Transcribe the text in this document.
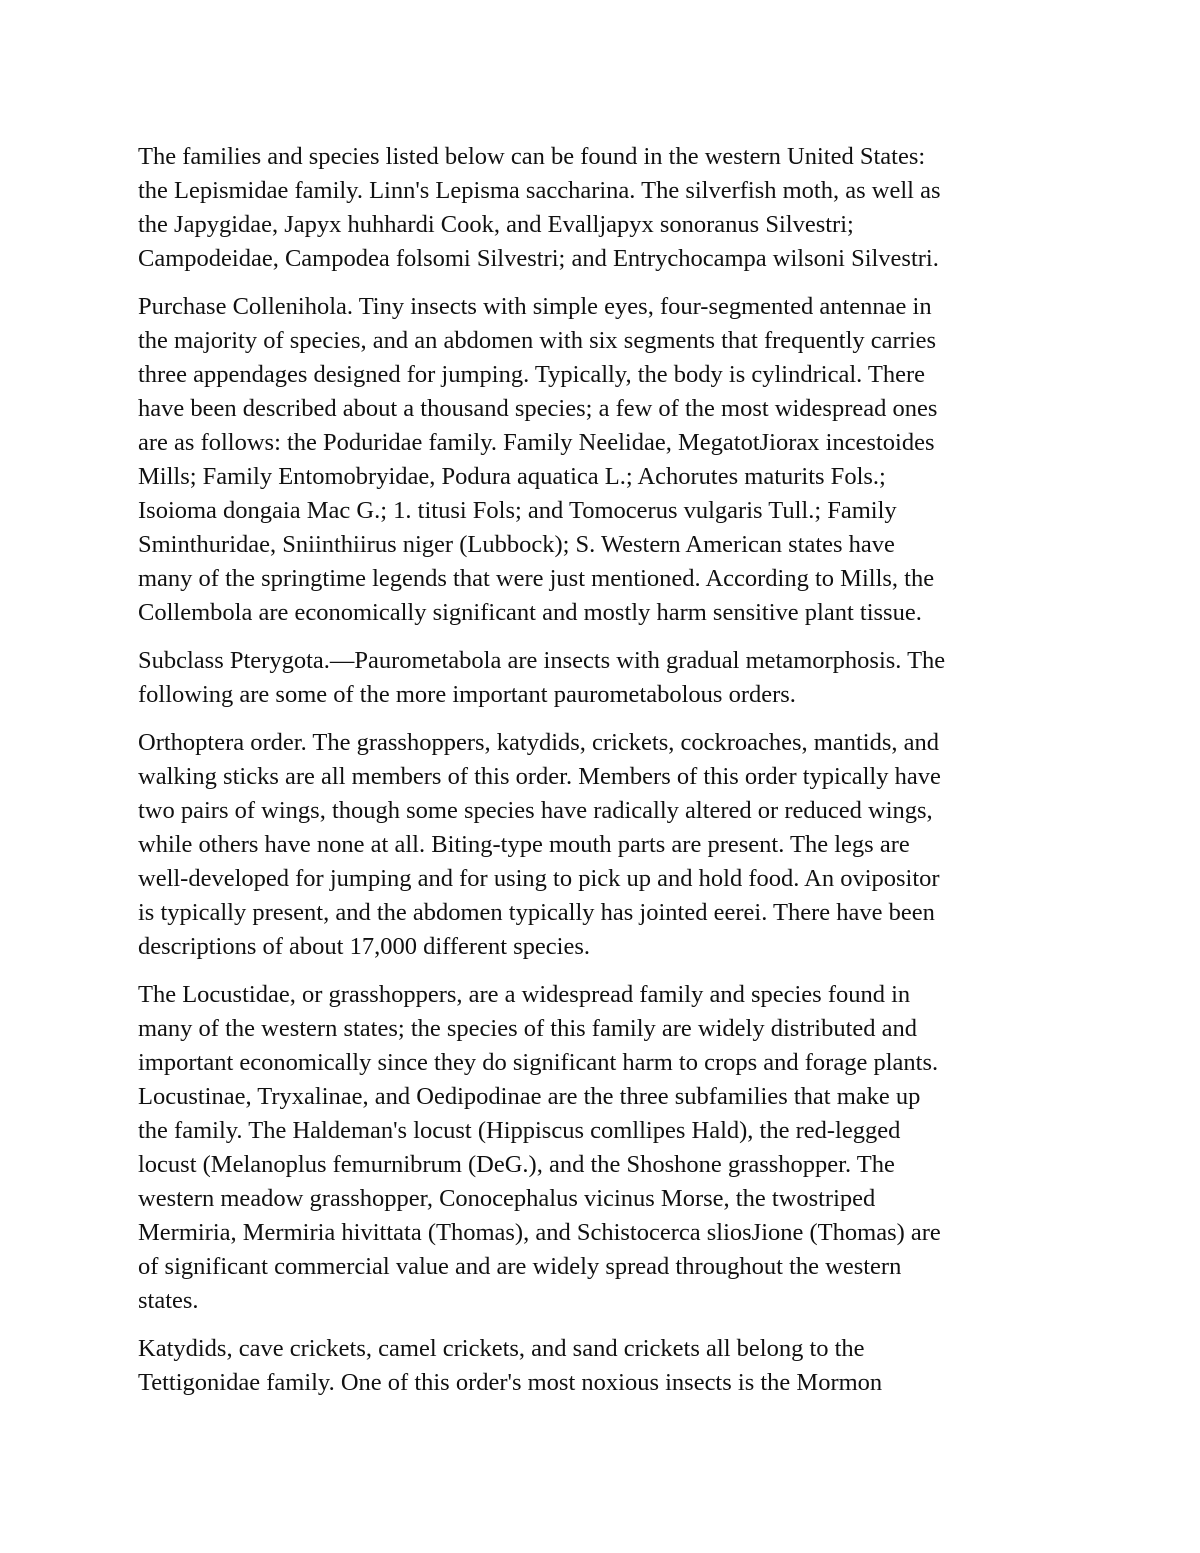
The families and species listed below can be found in the western United States:
the Lepismidae family. Linn's Lepisma saccharina. The silverfish moth, as well as
the Japygidae, Japyx huhhardi Cook, and Evalljapyx sonoranus Silvestri;
Campodeidae, Campodea folsomi Silvestri; and Entrychocampa wilsoni Silvestri.

Purchase Collenihola. Tiny insects with simple eyes, four-segmented antennae in
the majority of species, and an abdomen with six segments that frequently carries
three appendages designed for jumping. Typically, the body is cylindrical. There
have been described about a thousand species; a few of the most widespread ones
are as follows: the Poduridae family. Family Neelidae, MegatotJiorax incestoides
Mills; Family Entomobryidae, Podura aquatica L.; Achorutes maturits Fols.;
Isoioma dongaia Mac G.; 1. titusi Fols; and Tomocerus vulgaris Tull.; Family
Sminthuridae, Sniinthiirus niger (Lubbock); S. Western American states have
many of the springtime legends that were just mentioned. According to Mills, the
Collembola are economically significant and mostly harm sensitive plant tissue.

Subclass Pterygota.—Paurometabola are insects with gradual metamorphosis. The
following are some of the more important paurometabolous orders.

Orthoptera order. The grasshoppers, katydids, crickets, cockroaches, mantids, and
walking sticks are all members of this order. Members of this order typically have
two pairs of wings, though some species have radically altered or reduced wings,
while others have none at all. Biting-type mouth parts are present. The legs are
well-developed for jumping and for using to pick up and hold food. An ovipositor
is typically present, and the abdomen typically has jointed eerei. There have been
descriptions of about 17,000 different species.

The Locustidae, or grasshoppers, are a widespread family and species found in
many of the western states; the species of this family are widely distributed and
important economically since they do significant harm to crops and forage plants.
Locustinae, Tryxalinae, and Oedipodinae are the three subfamilies that make up
the family. The Haldeman's locust (Hippiscus comllipes Hald), the red-legged
locust (Melanoplus femurnibrum (DeG.), and the Shoshone grasshopper. The
western meadow grasshopper, Conocephalus vicinus Morse, the twostriped
Mermiria, Mermiria hivittata (Thomas), and Schistocerca sliosJione (Thomas) are
of significant commercial value and are widely spread throughout the western
states.

Katydids, cave crickets, camel crickets, and sand crickets all belong to the
Tettigonidae family. One of this order's most noxious insects is the Mormon
